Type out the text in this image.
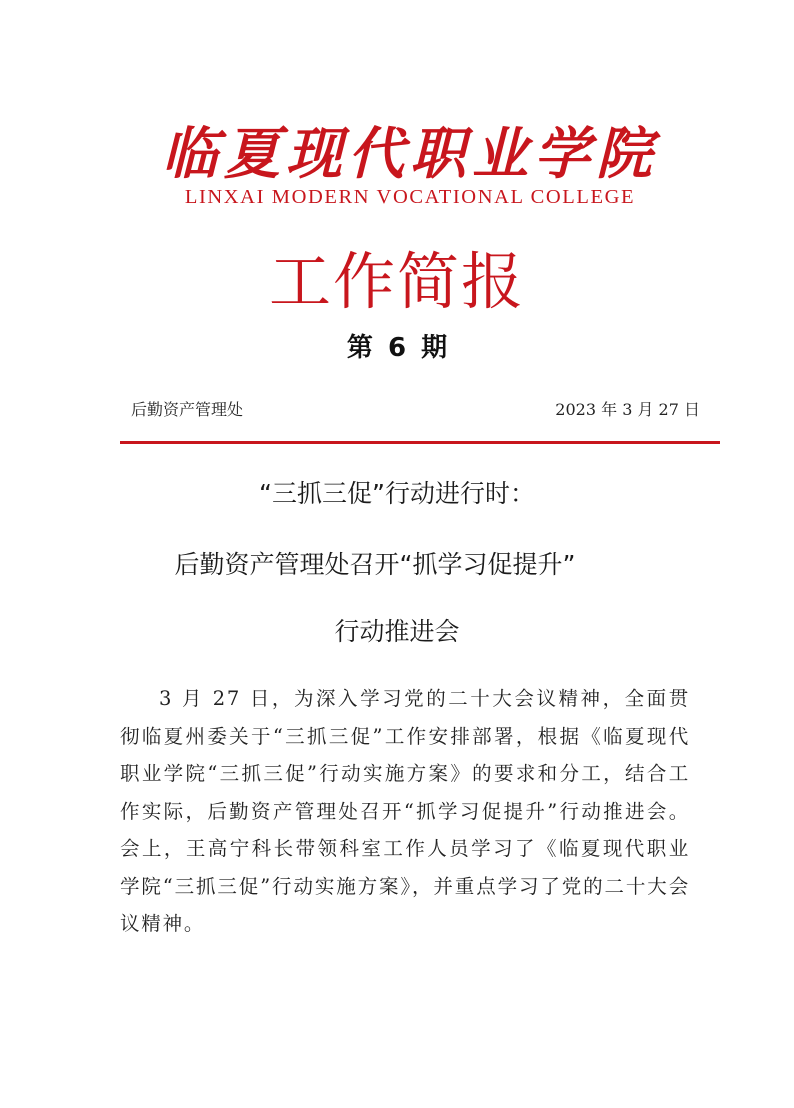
临夏现代职业学院
LINXAI MODERN VOCATIONAL COLLEGE
工作简报
第 6 期
后勤资产管理处	2023 年 3 月 27 日
“三抓三促”行动进行时：
后勤资产管理处召开“抓学习促提升”
行动推进会
3 月 27 日，为深入学习党的二十大会议精神，全面贯彻临夏州委关于“三抓三促”工作安排部署，根据《临夏现代职业学院“三抓三促”行动实施方案》的要求和分工，结合工作实际，后勤资产管理处召开“抓学习促提升”行动推进会。会上，王高宁科长带领科室工作人员学习了《临夏现代职业学院“三抓三促”行动实施方案》，并重点学习了党的二十大会议精神。
